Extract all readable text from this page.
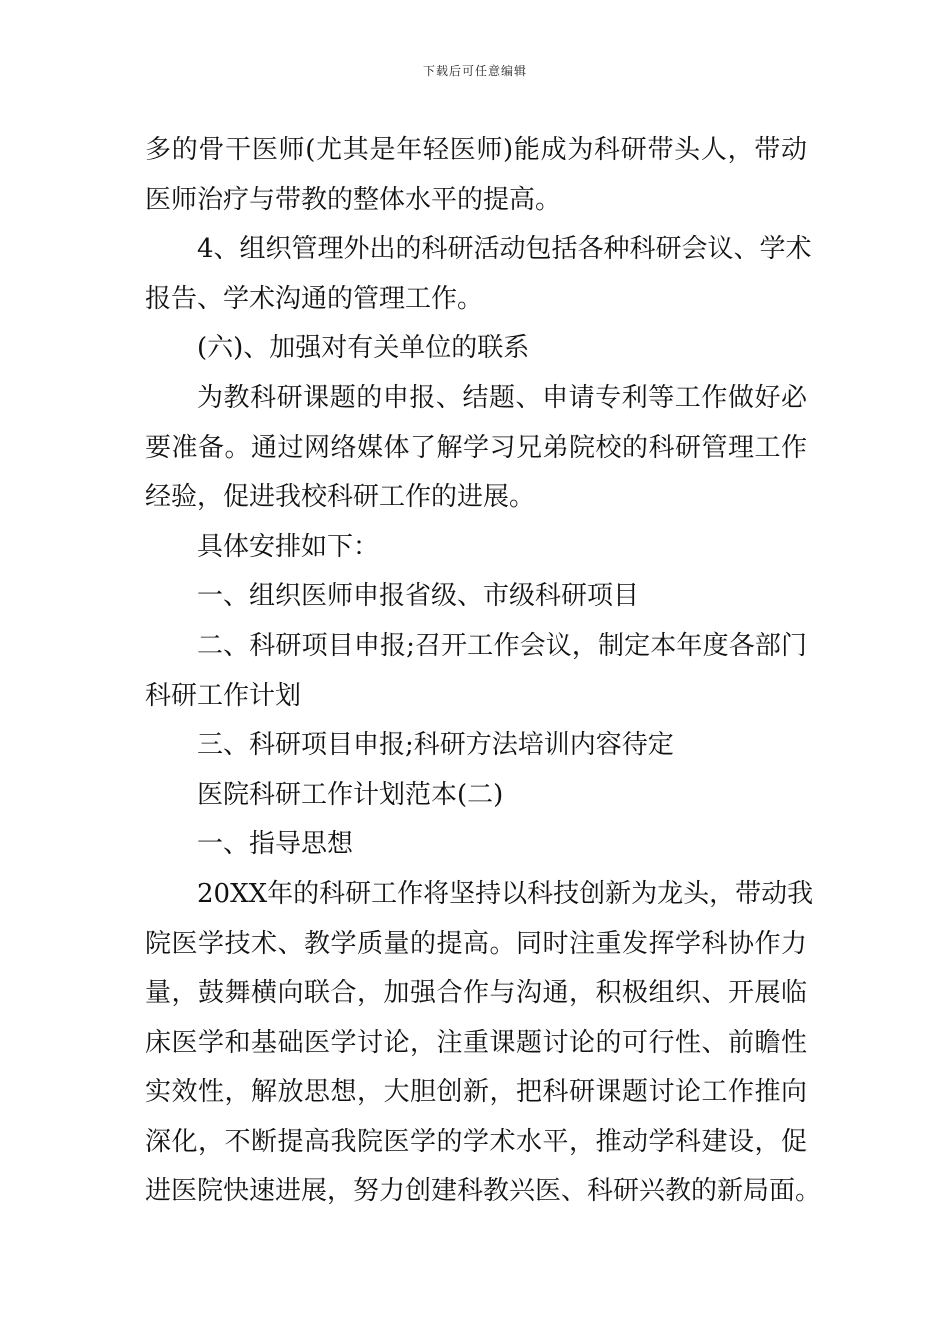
下载后可任意编辑
多的骨干医师(尤其是年轻医师)能成为科研带头人，带动
医师治疗与带教的整体水平的提高。
4、组织管理外出的科研活动包括各种科研会议、学术
报告、学术沟通的管理工作。
(六)、加强对有关单位的联系
为教科研课题的申报、结题、申请专利等工作做好必
要准备。通过网络媒体了解学习兄弟院校的科研管理工作
经验，促进我校科研工作的进展。
具体安排如下：
一、组织医师申报省级、市级科研项目
二、科研项目申报;召开工作会议，制定本年度各部门
科研工作计划
三、科研项目申报;科研方法培训内容待定
医院科研工作计划范本(二)
一、指导思想
20XX年的科研工作将坚持以科技创新为龙头，带动我
院医学技术、教学质量的提高。同时注重发挥学科协作力
量，鼓舞横向联合，加强合作与沟通，积极组织、开展临
床医学和基础医学讨论，注重课题讨论的可行性、前瞻性
实效性，解放思想，大胆创新，把科研课题讨论工作推向
深化，不断提高我院医学的学术水平，推动学科建设，促
进医院快速进展，努力创建科教兴医、科研兴教的新局面。
